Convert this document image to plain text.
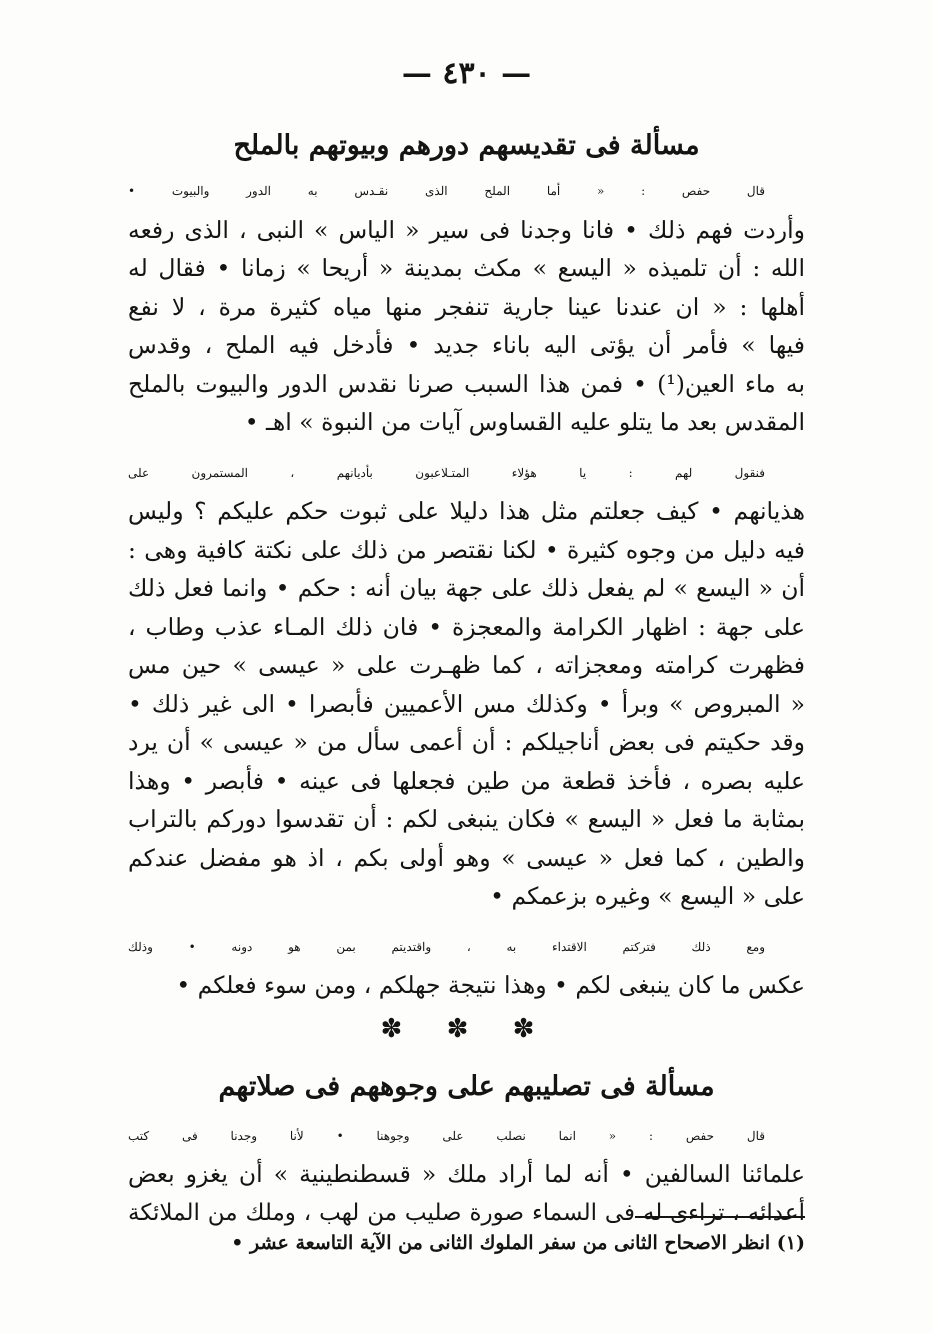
— ٤٣٠ —
مسألة فى تقديسهم دورهم وبيوتهم بالملح

قال حفص : « أما الملح الذى نقـدس به الدور والبيوت •
وأردت فهم ذلك • فانا وجدنا فى سير « الياس » النبى ، الذى رفعه
الله : أن تلميذه « اليسع » مكث بمدينة « أريحا » زمانا • فقال له
أهلها : « ان عندنا عينا جارية تنفجر منها مياه كثيرة مرة ، لا نفع
فيها » فأمر أن يؤتى اليه باناء جديد • فأدخل فيه الملح ، وقدس
به ماء العين(¹) • فمن هذا السبب صرنا نقدس الدور والبيوت بالملح
المقدس بعد ما يتلو عليه القساوس آيات من النبوة » اهـ •

فنقول لهم : يا هؤلاء المتـلاعبون بأديانهم ، المستمرون على
هذيانهم • كيف جعلتم مثل هذا دليلا على ثبوت حكم عليكم ؟ وليس
فيه دليل من وجوه كثيرة • لكنا نقتصر من ذلك على نكتة كافية وهى :
أن « اليسع » لم يفعل ذلك على جهة بيان أنه : حكم • وانما فعل ذلك
على جهة : اظهار الكرامة والمعجزة • فان ذلك المـاء عذب وطاب ،
فظهرت كرامته ومعجزاته ، كما ظهـرت على « عيسى » حين مس
« المبروص » وبرأ • وكذلك مس الأعميين فأبصرا • الى غير ذلك •
وقد حكيتم فى بعض أناجيلكم : أن أعمى سأل من « عيسى » أن يرد
عليه بصره ، فأخذ قطعة من طين فجعلها فى عينه • فأبصر • وهذا
بمثابة ما فعل « اليسع » فكان ينبغى لكم : أن تقدسوا دوركم بالتراب
والطين ، كما فعل « عيسى » وهو أولى بكم ، اذ هو مفضل عندكم
على « اليسع » وغيره بزعمكم •

ومع ذلك فتركتم الاقتداء به ، واقتديتم بمن هو دونه • وذلك
عكس ما كان ينبغى لكم • وهذا نتيجة جهلكم ، ومن سوء فعلكم •

✽ ✽ ✽
مسألة فى تصليبهم على وجوههم فى صلاتهم

قال حفص : « انما نصلب على وجوهنا • لأنا وجدنا فى كتب
علمائنا السالفين • أنه لما أراد ملك « قسطنطينية » أن يغزو بعض
أعدائه ، تراءى له فى السماء صورة صليب من لهب ، وملك من الملائكة

(١) انظر الاصحاح الثانى من سفر الملوك الثانى من الآية التاسعة عشر •
